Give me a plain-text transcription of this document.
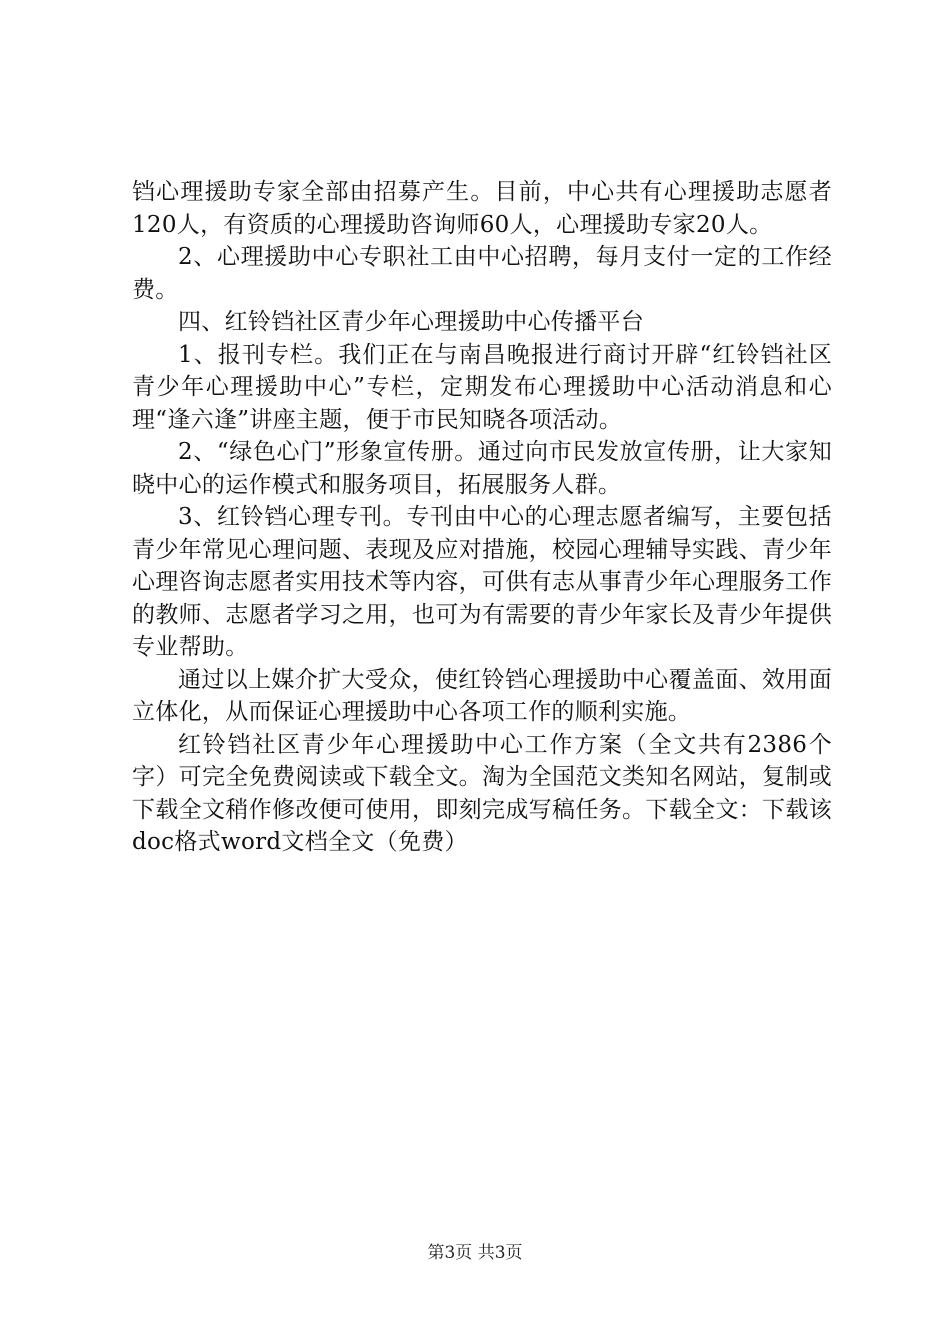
铛心理援助专家全部由招募产生。目前，中心共有心理援助志愿者120人，有资质的心理援助咨询师60人，心理援助专家20人。

2、心理援助中心专职社工由中心招聘，每月支付一定的工作经费。

四、红铃铛社区青少年心理援助中心传播平台

1、报刊专栏。我们正在与南昌晚报进行商讨开辟“红铃铛社区青少年心理援助中心”专栏，定期发布心理援助中心活动消息和心理“逢六逢”讲座主题，便于市民知晓各项活动。

2、“绿色心门”形象宣传册。通过向市民发放宣传册，让大家知晓中心的运作模式和服务项目，拓展服务人群。

3、红铃铛心理专刊。专刊由中心的心理志愿者编写，主要包括青少年常见心理问题、表现及应对措施，校园心理辅导实践、青少年心理咨询志愿者实用技术等内容，可供有志从事青少年心理服务工作的教师、志愿者学习之用，也可为有需要的青少年家长及青少年提供专业帮助。

通过以上媒介扩大受众，使红铃铛心理援助中心覆盖面、效用面立体化，从而保证心理援助中心各项工作的顺利实施。

红铃铛社区青少年心理援助中心工作方案（全文共有2386个字）可完全免费阅读或下载全文。淘为全国范文类知名网站，复制或下载全文稍作修改便可使用，即刻完成写稿任务。下载全文：下载该doc格式word文档全文（免费）

第3页 共3页
